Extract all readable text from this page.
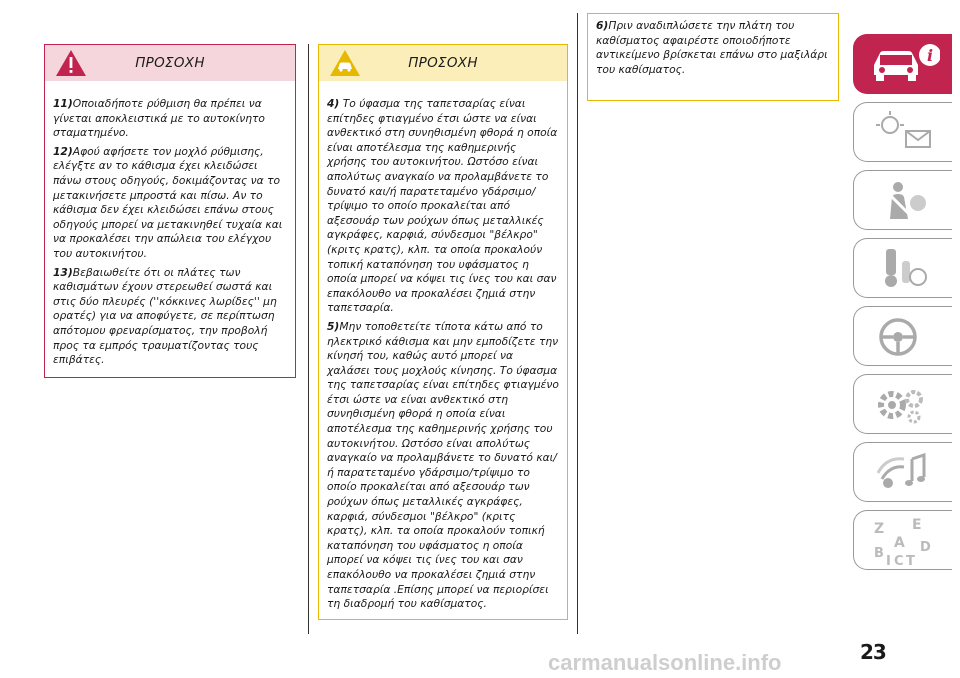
ΠΡΟΣΟΧΗ

11)Οποιαδήποτε ρύθμιση θα πρέπει να γίνεται αποκλειστικά με το αυτοκίνητο σταματημένο.

12)Αφού αφήσετε τον μοχλό ρύθμισης, ελέγξτε αν το κάθισμα έχει κλειδώσει πάνω στους οδηγούς, δοκιμάζοντας να το μετακινήσετε μπροστά και πίσω. Αν το κάθισμα δεν έχει κλειδώσει επάνω στους οδηγούς μπορεί να μετακινηθεί τυχαία και να προκαλέσει την απώλεια του ελέγχου του αυτοκινήτου.

13)Βεβαιωθείτε ότι οι πλάτες των καθισμάτων έχουν στερεωθεί σωστά και στις δύο πλευρές (''κόκκινες λωρίδες'' μη ορατές) για να αποφύγετε, σε περίπτωση απότομου φρεναρίσματος, την προβολή προς τα εμπρός τραυματίζοντας τους επιβάτες.

ΠΡΟΣΟΧΗ

4) Το ύφασμα της ταπετσαρίας είναι επίτηδες φτιαγμένο έτσι ώστε να είναι ανθεκτικό στη συνηθισμένη φθορά η οποία είναι αποτέλεσμα της καθημερινής χρήσης του αυτοκινήτου. Ωστόσο είναι απολύτως αναγκαίο να προλαμβάνετε το δυνατό και/ή παρατεταμένο γδάρσιμο/ τρίψιμο το οποίο προκαλείται από αξεσουάρ των ρούχων όπως μεταλλικές αγκράφες, καρφιά, σύνδεσμοι "βέλκρο" (κριτς κρατς), κλπ. τα οποία προκαλούν τοπική καταπόνηση του υφάσματος η οποία μπορεί να κόψει τις ίνες του και σαν επακόλουθο να προκαλέσει ζημιά στην ταπετσαρία.

5)Μην τοποθετείτε τίποτα κάτω από το ηλεκτρικό κάθισμα και μην εμποδίζετε την κίνησή του, καθώς αυτό μπορεί να χαλάσει τους μοχλούς κίνησης. Το ύφασμα της ταπετσαρίας είναι επίτηδες φτιαγμένο έτσι ώστε να είναι ανθεκτικό στη συνηθισμένη φθορά η οποία είναι αποτέλεσμα της καθημερινής χρήσης του αυτοκινήτου. Ωστόσο είναι απολύτως αναγκαίο να προλαμβάνετε το δυνατό και/ή παρατεταμένο γδάρσιμο/τρίψιμο το οποίο προκαλείται από αξεσουάρ των ρούχων όπως μεταλλικές αγκράφες, καρφιά, σύνδεσμοι "βέλκρο" (κριτς κρατς), κλπ. τα οποία προκαλούν τοπική καταπόνηση του υφάσματος η οποία μπορεί να κόψει τις ίνες του και σαν επακόλουθο να προκαλέσει ζημιά στην ταπετσαρία .Επίσης μπορεί να περιορίσει τη διαδρομή του καθίσματος.

6)Πριν αναδιπλώσετε την πλάτη του καθίσματος αφαιρέστε οποιοδήποτε αντικείμενο βρίσκεται επάνω στο μαξιλάρι του καθίσματος.

i
Z E
B
A D
I C T
23
carmanualsonline.info
